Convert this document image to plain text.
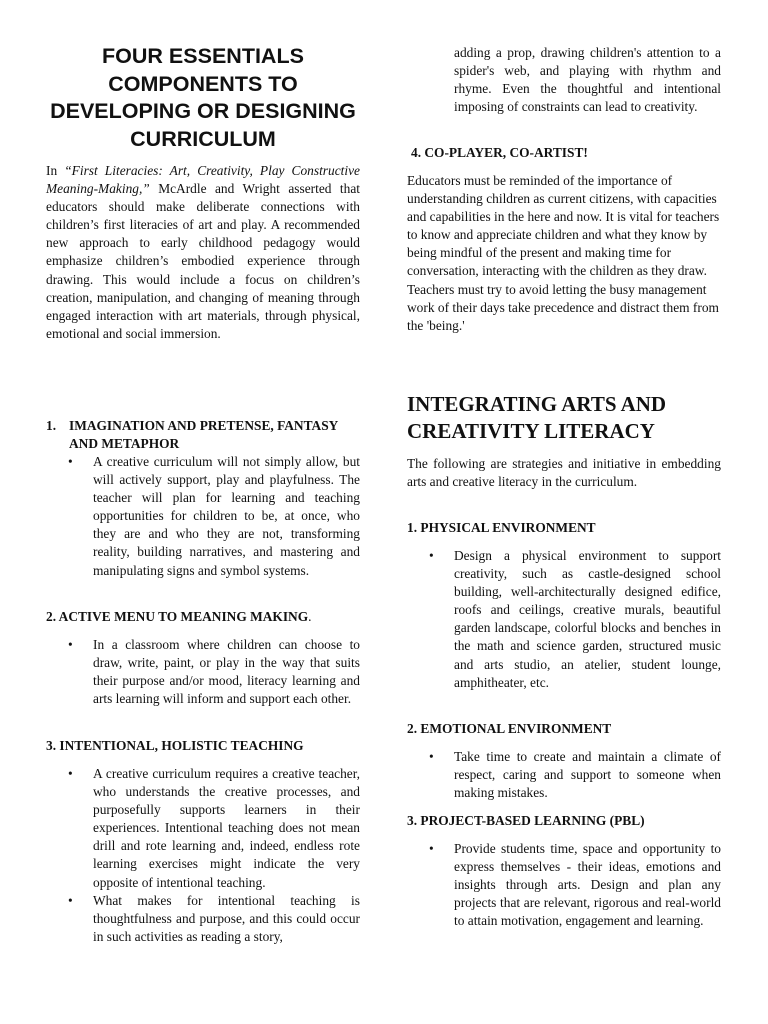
FOUR ESSENTIALS COMPONENTS TO DEVELOPING OR DESIGNING CURRICULUM

In “First Literacies: Art, Creativity, Play Constructive Meaning-Making,” McArdle and Wright asserted that educators should make deliberate connections with children’s first literacies of art and play. A recommended new approach to early childhood pedagogy would emphasize children’s embodied experience through drawing. This would include a focus on children’s creation, manipulation, and changing of meaning through engaged interaction with art materials, through physical, emotional and social immersion.

1. IMAGINATION AND PRETENSE, FANTASY AND METAPHOR
• A creative curriculum will not simply allow, but will actively support, play and playfulness. The teacher will plan for learning and teaching opportunities for children to be, at once, who they are and who they are not, transforming reality, building narratives, and mastering and manipulating signs and symbol systems.
2. ACTIVE MENU TO MEANING MAKING.
• In a classroom where children can choose to draw, write, paint, or play in the way that suits their purpose and/or mood, literacy learning and arts learning will inform and support each other.
3. INTENTIONAL, HOLISTIC TEACHING
• A creative curriculum requires a creative teacher, who understands the creative processes, and purposefully supports learners in their experiences. Intentional teaching does not mean drill and rote learning and, indeed, endless rote learning exercises might indicate the very opposite of intentional teaching.
• What makes for intentional teaching is thoughtfulness and purpose, and this could occur in such activities as reading a story,

adding a prop, drawing children's attention to a spider's web, and playing with rhythm and rhyme. Even the thoughtful and intentional imposing of constraints can lead to creativity.

4. CO-PLAYER, CO-ARTIST!

Educators must be reminded of the importance of understanding children as current citizens, with capacities and capabilities in the here and now. It is vital for teachers to know and appreciate children and what they know by being mindful of the present and making time for conversation, interacting with the children as they draw. Teachers must try to avoid letting the busy management work of their days take precedence and distract them from the 'being.'

INTEGRATING ARTS AND CREATIVITY LITERACY

The following are strategies and initiative in embedding arts and creative literacy in the curriculum.

1. PHYSICAL ENVIRONMENT
• Design a physical environment to support creativity, such as castle-designed school building, well-architecturally designed edifice, roofs and ceilings, creative murals, beautiful garden landscape, colorful blocks and benches in the math and science garden, structured music and arts studio, an atelier, student lounge, amphitheater, etc.
2. EMOTIONAL ENVIRONMENT
• Take time to create and maintain a climate of respect, caring and support to someone when making mistakes.
3. PROJECT-BASED LEARNING (PBL)
• Provide students time, space and opportunity to express themselves - their ideas, emotions and insights through arts. Design and plan any projects that are relevant, rigorous and real-world to attain motivation, engagement and learning.
